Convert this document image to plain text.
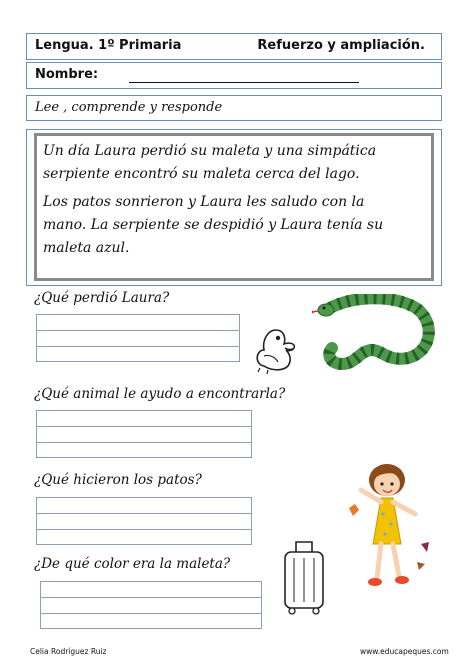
Lengua. 1º Primaria	Refuerzo y ampliación.
Nombre:
Lee , comprende y responde
Un día Laura perdió su maleta y una simpática
serpiente encontró su maleta cerca del lago.
Los patos sonrieron y Laura les saludo con la
mano. La serpiente se despidió y Laura tenía su
maleta azul.
¿Qué perdió Laura?
¿Qué animal le ayudo a encontrarla?
¿Qué hicieron los patos?
¿De qué color era la maleta?
Celia Rodríguez Ruiz	www.educapeques.com
